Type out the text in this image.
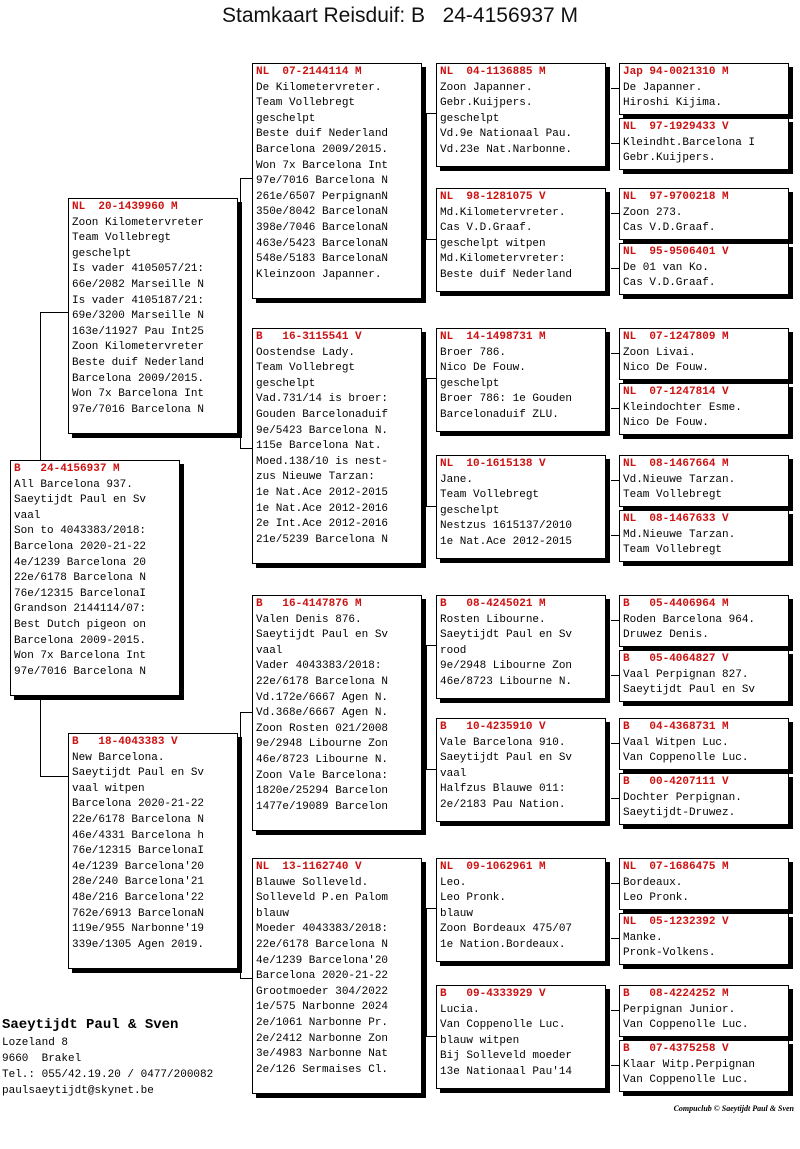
Stamkaart Reisduif: B   24-4156937 M
B   24-4156937 M
All Barcelona 937.
Saeytijdt Paul en Sv
vaal
Son to 4043383/2018:
Barcelona 2020-21-22
4e/1239 Barcelona 20
22e/6178 Barcelona N
76e/12315 BarcelonaI
Grandson 2144114/07:
Best Dutch pigeon on
Barcelona 2009-2015.
Won 7x Barcelona Int
97e/7016 Barcelona N
NL  20-1439960 M
Zoon Kilometervreter
Team Vollebregt
geschelpt
Is vader 4105057/21:
66e/2082 Marseille N
Is vader 4105187/21:
69e/3200 Marseille N
163e/11927 Pau Int25
Zoon Kilometervreter
Beste duif Nederland
Barcelona 2009/2015.
Won 7x Barcelona Int
97e/7016 Barcelona N
B   18-4043383 V
New Barcelona.
Saeytijdt Paul en Sv
vaal witpen
Barcelona 2020-21-22
22e/6178 Barcelona N
46e/4331 Barcelona h
76e/12315 BarcelonaI
4e/1239 Barcelona'20
28e/240 Barcelona'21
48e/216 Barcelona'22
762e/6913 BarcelonaN
119e/955 Narbonne'19
339e/1305 Agen 2019.
NL  07-2144114 M
De Kilometervreter.
Team Vollebregt
geschelpt
Beste duif Nederland
Barcelona 2009/2015.
Won 7x Barcelona Int
97e/7016 Barcelona N
261e/6507 PerpignanN
350e/8042 BarcelonaN
398e/7046 BarcelonaN
463e/5423 BarcelonaN
548e/5183 BarcelonaN
Kleinzoon Japanner.
B   16-3115541 V
Oostendse Lady.
Team Vollebregt
geschelpt
Vad.731/14 is broer:
Gouden Barcelonaduif
9e/5423 Barcelona N.
115e Barcelona Nat.
Moed.138/10 is nest-
zus Nieuwe Tarzan:
1e Nat.Ace 2012-2015
1e Nat.Ace 2012-2016
2e Int.Ace 2012-2016
21e/5239 Barcelona N
B   16-4147876 M
Valen Denis 876.
Saeytijdt Paul en Sv
vaal
Vader 4043383/2018:
22e/6178 Barcelona N
Vd.172e/6667 Agen N.
Vd.368e/6667 Agen N.
Zoon Rosten 021/2008
9e/2948 Libourne Zon
46e/8723 Libourne N.
Zoon Vale Barcelona:
1820e/25294 Barcelon
1477e/19089 Barcelon
NL  13-1162740 V
Blauwe Solleveld.
Solleveld P.en Palom
blauw
Moeder 4043383/2018:
22e/6178 Barcelona N
4e/1239 Barcelona'20
Barcelona 2020-21-22
Grootmoeder 304/2022
1e/575 Narbonne 2024
2e/1061 Narbonne Pr.
2e/2412 Narbonne Zon
3e/4983 Narbonne Nat
2e/126 Sermaises Cl.
NL  04-1136885 M
Zoon Japanner.
Gebr.Kuijpers.
geschelpt
Vd.9e Nationaal Pau.
Vd.23e Nat.Narbonne.
NL  98-1281075 V
Md.Kilometervreter.
Cas V.D.Graaf.
geschelpt witpen
Md.Kilometervreter:
Beste duif Nederland
NL  14-1498731 M
Broer 786.
Nico De Fouw.
geschelpt
Broer 786: 1e Gouden
Barcelonaduif ZLU.
NL  10-1615138 V
Jane.
Team Vollebregt
geschelpt
Nestzus 1615137/2010
1e Nat.Ace 2012-2015
B   08-4245021 M
Rosten Libourne.
Saeytijdt Paul en Sv
rood
9e/2948 Libourne Zon
46e/8723 Libourne N.
B   10-4235910 V
Vale Barcelona 910.
Saeytijdt Paul en Sv
vaal
Halfzus Blauwe 011:
2e/2183 Pau Nation.
NL  09-1062961 M
Leo.
Leo Pronk.
blauw
Zoon Bordeaux 475/07
1e Nation.Bordeaux.
B   09-4333929 V
Lucia.
Van Coppenolle Luc.
blauw witpen
Bij Solleveld moeder
13e Nationaal Pau'14
Jap 94-0021310 M
De Japanner.
Hiroshi Kijima.
NL  97-1929433 V
Kleindht.Barcelona I
Gebr.Kuijpers.
NL  97-9700218 M
Zoon 273.
Cas V.D.Graaf.
NL  95-9506401 V
De 01 van Ko.
Cas V.D.Graaf.
NL  07-1247809 M
Zoon Livai.
Nico De Fouw.
NL  07-1247814 V
Kleindochter Esme.
Nico De Fouw.
NL  08-1467664 M
Vd.Nieuwe Tarzan.
Team Vollebregt
NL  08-1467633 V
Md.Nieuwe Tarzan.
Team Vollebregt
B   05-4406964 M
Roden Barcelona 964.
Druwez Denis.
B   05-4064827 V
Vaal Perpignan 827.
Saeytijdt Paul en Sv
B   04-4368731 M
Vaal Witpen Luc.
Van Coppenolle Luc.
B   00-4207111 V
Dochter Perpignan.
Saeytijdt-Druwez.
NL  07-1686475 M
Bordeaux.
Leo Pronk.
NL  05-1232392 V
Manke.
Pronk-Volkens.
B   08-4224252 M
Perpignan Junior.
Van Coppenolle Luc.
B   07-4375258 V
Klaar Witp.Perpignan
Van Coppenolle Luc.
Saeytijdt Paul & Sven
Lozeland 8
9660  Brakel
Tel.: 055/42.19.20 / 0477/200082
paulsaeytijdt@skynet.be
Compuclub © Saeytijdt Paul & Sven
